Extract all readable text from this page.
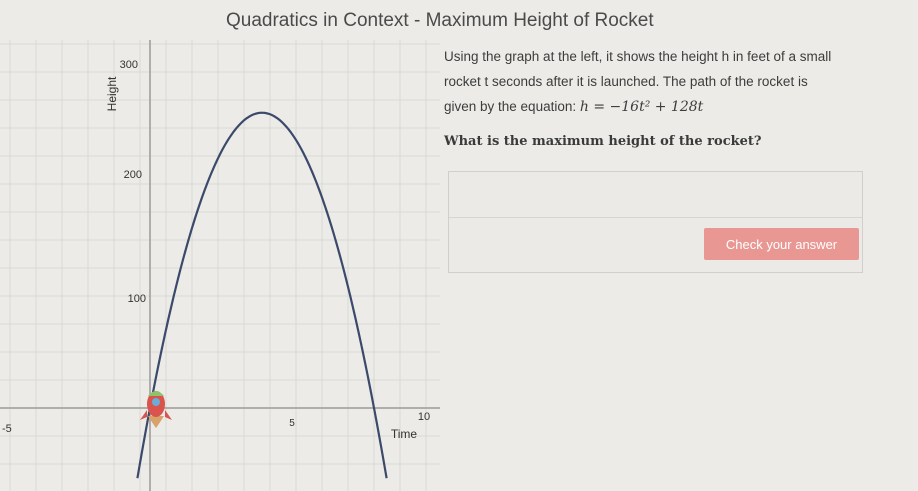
Quadratics in Context - Maximum Height of Rocket
Height
300
200
100
-5	5
10
Time
Using the graph at the left, it shows the height h in feet of a small
rocket t seconds after it is launched. The path of the rocket is
given by the equation: h = −16t² + 128t
What is the maximum height of the rocket?
Check your answer
